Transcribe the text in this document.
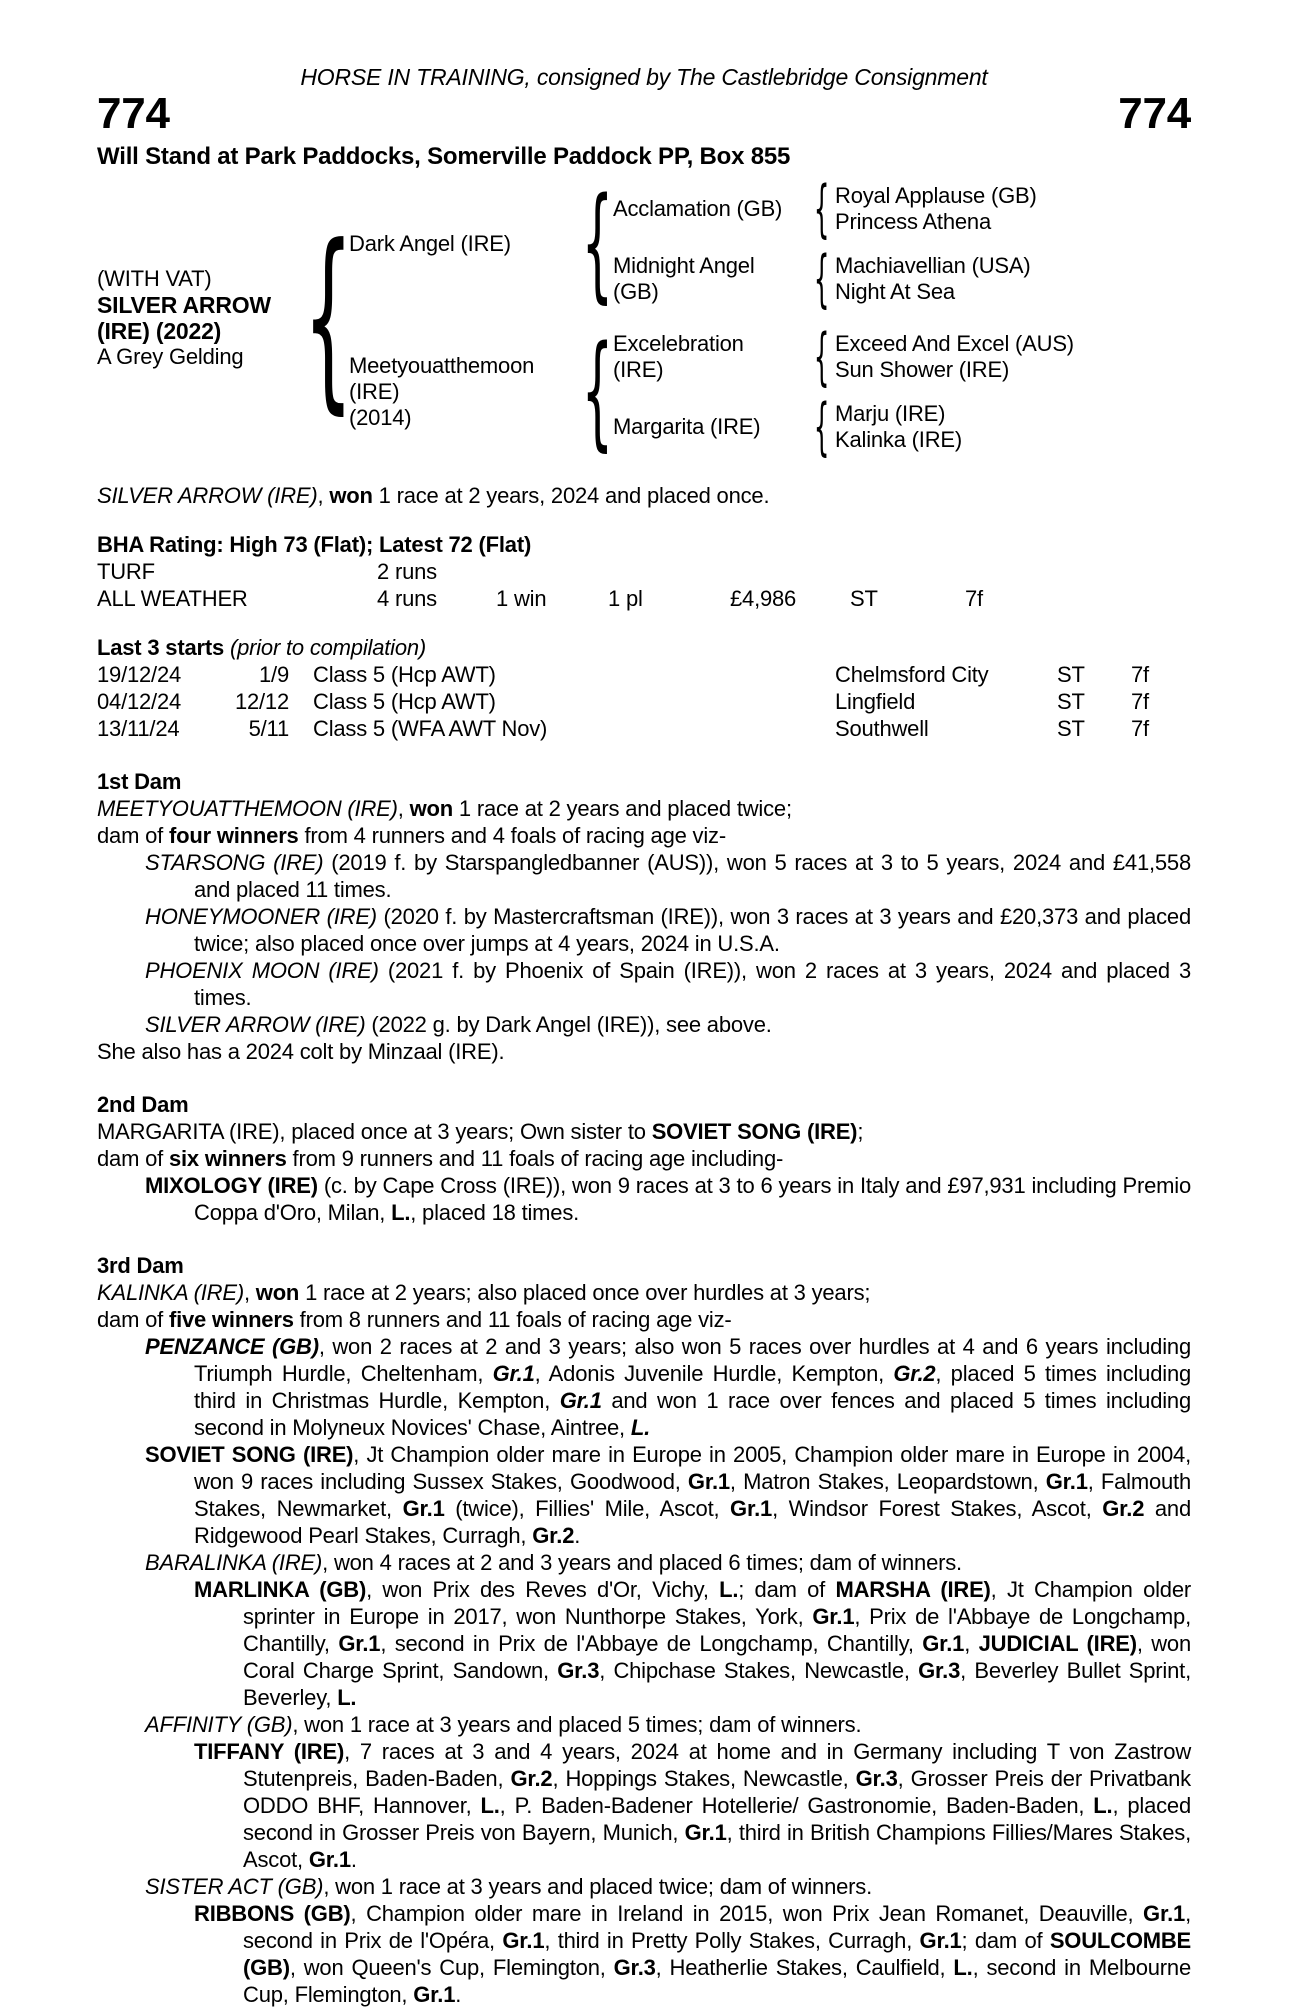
HORSE IN TRAINING, consigned by The Castlebridge Consignment
774	774
Will Stand at Park Paddocks, Somerville Paddock PP, Box 855
(WITH VAT)
SILVER ARROW
(IRE) (2022)
A Grey Gelding
{
Dark Angel (IRE)
{
Acclamation (GB)
{
Royal Applause (GB)
Princess Athena
Midnight Angel
(GB)
{
Machiavellian (USA)
Night At Sea
Meetyouatthemoon
(IRE)
(2014)
{
Excelebration
(IRE)
{
Exceed And Excel (AUS)
Sun Shower (IRE)
Margarita (IRE)
{
Marju (IRE)
Kalinka (IRE)
SILVER ARROW (IRE), won 1 race at 2 years, 2024 and placed once.
BHA Rating: High 73 (Flat); Latest 72 (Flat)
TURF	2 runs
ALL WEATHER	4 runs	1 win	1 pl	£4,986	ST	7f
Last 3 starts (prior to compilation)
19/12/24	1/9	Class 5 (Hcp AWT)	Chelmsford City	ST	7f
04/12/24	12/12	Class 5 (Hcp AWT)	Lingfield	ST	7f
13/11/24	5/11	Class 5 (WFA AWT Nov)	Southwell	ST	7f
1st Dam
MEETYOUATTHEMOON (IRE), won 1 race at 2 years and placed twice;
dam of four winners from 4 runners and 4 foals of racing age viz-
STARSONG (IRE) (2019 f. by Starspangledbanner (AUS)), won 5 races at 3 to 5 years, 2024 and £41,558 and placed 11 times.
HONEYMOONER (IRE) (2020 f. by Mastercraftsman (IRE)), won 3 races at 3 years and £20,373 and placed twice; also placed once over jumps at 4 years, 2024 in U.S.A.
PHOENIX MOON (IRE) (2021 f. by Phoenix of Spain (IRE)), won 2 races at 3 years, 2024 and placed 3 times.
SILVER ARROW (IRE) (2022 g. by Dark Angel (IRE)), see above.
She also has a 2024 colt by Minzaal (IRE).
2nd Dam
MARGARITA (IRE), placed once at 3 years; Own sister to SOVIET SONG (IRE);
dam of six winners from 9 runners and 11 foals of racing age including-
MIXOLOGY (IRE) (c. by Cape Cross (IRE)), won 9 races at 3 to 6 years in Italy and £97,931 including Premio Coppa d'Oro, Milan, L., placed 18 times.
3rd Dam
KALINKA (IRE), won 1 race at 2 years; also placed once over hurdles at 3 years;
dam of five winners from 8 runners and 11 foals of racing age viz-
PENZANCE (GB), won 2 races at 2 and 3 years; also won 5 races over hurdles at 4 and 6 years including Triumph Hurdle, Cheltenham, Gr.1, Adonis Juvenile Hurdle, Kempton, Gr.2, placed 5 times including third in Christmas Hurdle, Kempton, Gr.1 and won 1 race over fences and placed 5 times including second in Molyneux Novices' Chase, Aintree, L.
SOVIET SONG (IRE), Jt Champion older mare in Europe in 2005, Champion older mare in Europe in 2004, won 9 races including Sussex Stakes, Goodwood, Gr.1, Matron Stakes, Leopardstown, Gr.1, Falmouth Stakes, Newmarket, Gr.1 (twice), Fillies' Mile, Ascot, Gr.1, Windsor Forest Stakes, Ascot, Gr.2 and Ridgewood Pearl Stakes, Curragh, Gr.2.
BARALINKA (IRE), won 4 races at 2 and 3 years and placed 6 times; dam of winners.
MARLINKA (GB), won Prix des Reves d'Or, Vichy, L.; dam of MARSHA (IRE), Jt Champion older sprinter in Europe in 2017, won Nunthorpe Stakes, York, Gr.1, Prix de l'Abbaye de Longchamp, Chantilly, Gr.1, second in Prix de l'Abbaye de Longchamp, Chantilly, Gr.1, JUDICIAL (IRE), won Coral Charge Sprint, Sandown, Gr.3, Chipchase Stakes, Newcastle, Gr.3, Beverley Bullet Sprint, Beverley, L.
AFFINITY (GB), won 1 race at 3 years and placed 5 times; dam of winners.
TIFFANY (IRE), 7 races at 3 and 4 years, 2024 at home and in Germany including T von Zastrow Stutenpreis, Baden-Baden, Gr.2, Hoppings Stakes, Newcastle, Gr.3, Grosser Preis der Privatbank ODDO BHF, Hannover, L., P. Baden-Badener Hotellerie/ Gastronomie, Baden-Baden, L., placed second in Grosser Preis von Bayern, Munich, Gr.1, third in British Champions Fillies/Mares Stakes, Ascot, Gr.1.
SISTER ACT (GB), won 1 race at 3 years and placed twice; dam of winners.
RIBBONS (GB), Champion older mare in Ireland in 2015, won Prix Jean Romanet, Deauville, Gr.1, second in Prix de l'Opéra, Gr.1, third in Pretty Polly Stakes, Curragh, Gr.1; dam of SOULCOMBE (GB), won Queen's Cup, Flemington, Gr.3, Heatherlie Stakes, Caulfield, L., second in Melbourne Cup, Flemington, Gr.1.
